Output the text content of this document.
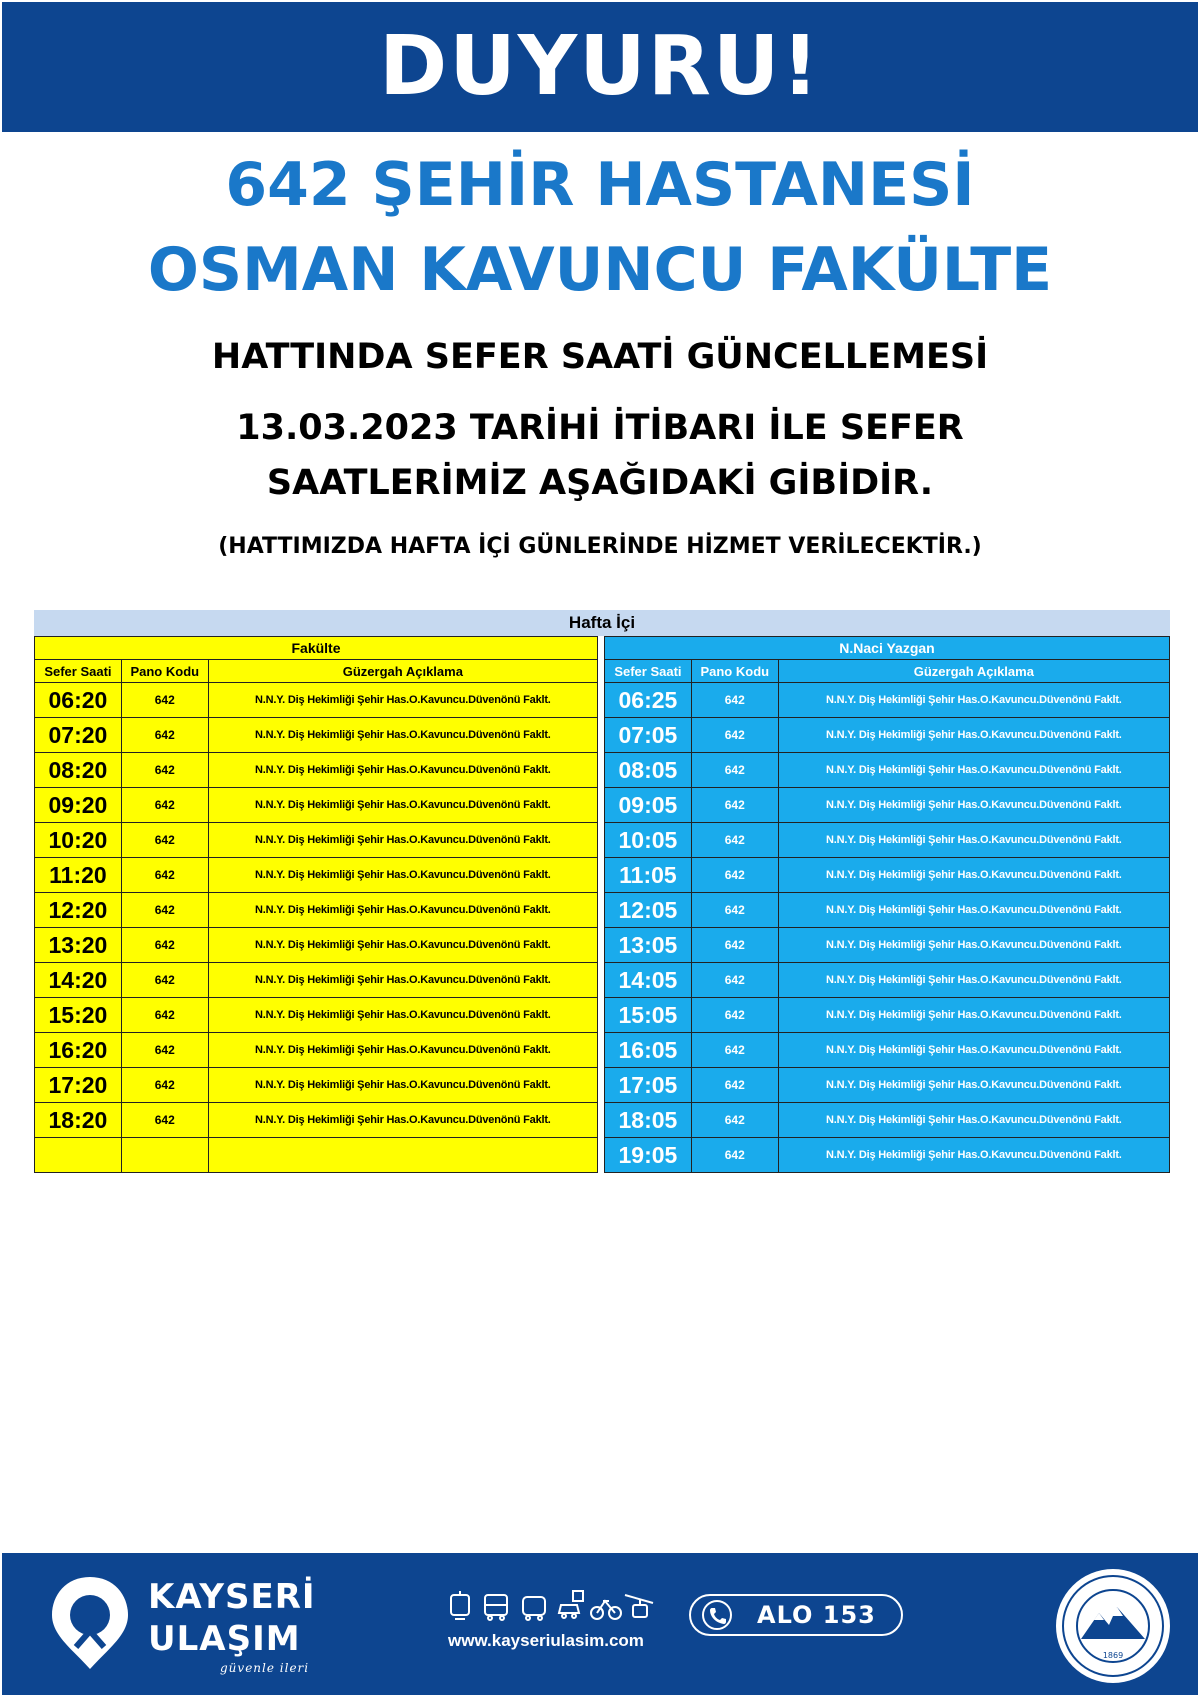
DUYURU!
642 ŞEHİR HASTANESİ
OSMAN KAVUNCU FAKÜLTE
HATTINDA SEFER SAATİ GÜNCELLEMESİ
13.03.2023 TARİHİ İTİBARI İLE SEFER
SAATLERİMİZ AŞAĞIDAKİ GİBİDİR.
(HATTIMIZDA HAFTA İÇİ GÜNLERİNDE HİZMET VERİLECEKTİR.)
Hafta İçi
Fakülte		
Sefer Saati	Pano Kodu	Güzergah Açıklama
06:20	642	N.N.Y. Diş Hekimliği Şehir Has.O.Kavuncu.Düvenönü Faklt.
07:20	642	N.N.Y. Diş Hekimliği Şehir Has.O.Kavuncu.Düvenönü Faklt.
08:20	642	N.N.Y. Diş Hekimliği Şehir Has.O.Kavuncu.Düvenönü Faklt.
09:20	642	N.N.Y. Diş Hekimliği Şehir Has.O.Kavuncu.Düvenönü Faklt.
10:20	642	N.N.Y. Diş Hekimliği Şehir Has.O.Kavuncu.Düvenönü Faklt.
11:20	642	N.N.Y. Diş Hekimliği Şehir Has.O.Kavuncu.Düvenönü Faklt.
12:20	642	N.N.Y. Diş Hekimliği Şehir Has.O.Kavuncu.Düvenönü Faklt.
13:20	642	N.N.Y. Diş Hekimliği Şehir Has.O.Kavuncu.Düvenönü Faklt.
14:20	642	N.N.Y. Diş Hekimliği Şehir Has.O.Kavuncu.Düvenönü Faklt.
15:20	642	N.N.Y. Diş Hekimliği Şehir Has.O.Kavuncu.Düvenönü Faklt.
16:20	642	N.N.Y. Diş Hekimliği Şehir Has.O.Kavuncu.Düvenönü Faklt.
17:20	642	N.N.Y. Diş Hekimliği Şehir Has.O.Kavuncu.Düvenönü Faklt.
18:20	642	N.N.Y. Diş Hekimliği Şehir Has.O.Kavuncu.Düvenönü Faklt.

N.Naci Yazgan		
Sefer Saati	Pano Kodu	Güzergah Açıklama
06:25	642	N.N.Y. Diş Hekimliği Şehir Has.O.Kavuncu.Düvenönü Faklt.
07:05	642	N.N.Y. Diş Hekimliği Şehir Has.O.Kavuncu.Düvenönü Faklt.
08:05	642	N.N.Y. Diş Hekimliği Şehir Has.O.Kavuncu.Düvenönü Faklt.
09:05	642	N.N.Y. Diş Hekimliği Şehir Has.O.Kavuncu.Düvenönü Faklt.
10:05	642	N.N.Y. Diş Hekimliği Şehir Has.O.Kavuncu.Düvenönü Faklt.
11:05	642	N.N.Y. Diş Hekimliği Şehir Has.O.Kavuncu.Düvenönü Faklt.
12:05	642	N.N.Y. Diş Hekimliği Şehir Has.O.Kavuncu.Düvenönü Faklt.
13:05	642	N.N.Y. Diş Hekimliği Şehir Has.O.Kavuncu.Düvenönü Faklt.
14:05	642	N.N.Y. Diş Hekimliği Şehir Has.O.Kavuncu.Düvenönü Faklt.
15:05	642	N.N.Y. Diş Hekimliği Şehir Has.O.Kavuncu.Düvenönü Faklt.
16:05	642	N.N.Y. Diş Hekimliği Şehir Has.O.Kavuncu.Düvenönü Faklt.
17:05	642	N.N.Y. Diş Hekimliği Şehir Has.O.Kavuncu.Düvenönü Faklt.
18:05	642	N.N.Y. Diş Hekimliği Şehir Has.O.Kavuncu.Düvenönü Faklt.
19:05	642	N.N.Y. Diş Hekimliği Şehir Has.O.Kavuncu.Düvenönü Faklt.
KAYSERİ
ULAŞIM
güvenle ileri
www.kayseriulasim.com
ALO 153
1869
